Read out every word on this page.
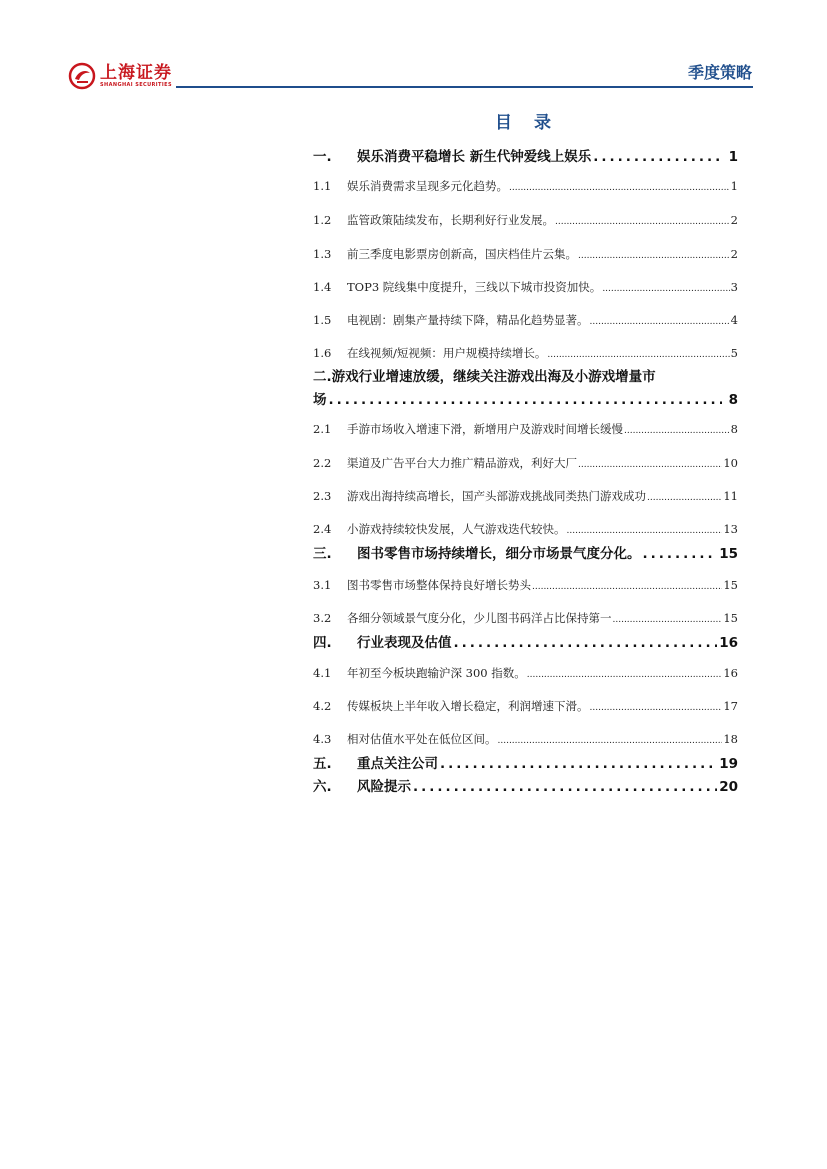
上海证券
SHANGHAI SECURITIES
季度策略
目 录
一.	娱乐消费平稳增长 新生代钟爱线上娱乐 .....	1
1.1	娱乐消费需求呈现多元化趋势。 .....	1
1.2	监管政策陆续发布，长期利好行业发展。 .....	2
1.3	前三季度电影票房创新高，国庆档佳片云集。 .....	2
1.4	TOP3 院线集中度提升，三线以下城市投资加快。 .....	3
1.5	电视剧：剧集产量持续下降，精品化趋势显著。 .....	4
1.6	在线视频/短视频：用户规模持续增长。 .....	5
二.游戏行业增速放缓，继续关注游戏出海及小游戏增量市
场 .....	8
2.1	手游市场收入增速下滑，新增用户及游戏时间增长缓慢 .....	8
2.2	渠道及广告平台大力推广精品游戏，利好大厂 .....	10
2.3	游戏出海持续高增长，国产头部游戏挑战同类热门游戏成功 .....	11
2.4	小游戏持续较快发展，人气游戏迭代较快。 .....	13
三.	图书零售市场持续增长，细分市场景气度分化。 .....	15
3.1	图书零售市场整体保持良好增长势头 .....	15
3.2	各细分领域景气度分化，少儿图书码洋占比保持第一 .....	15
四.	行业表现及估值 .....	16
4.1	年初至今板块跑输沪深 300 指数。 .....	16
4.2	传媒板块上半年收入增长稳定，利润增速下滑。 .....	17
4.3	相对估值水平处在低位区间。 .....	18
五.	重点关注公司 .....	19
六.	风险提示 .....	20
